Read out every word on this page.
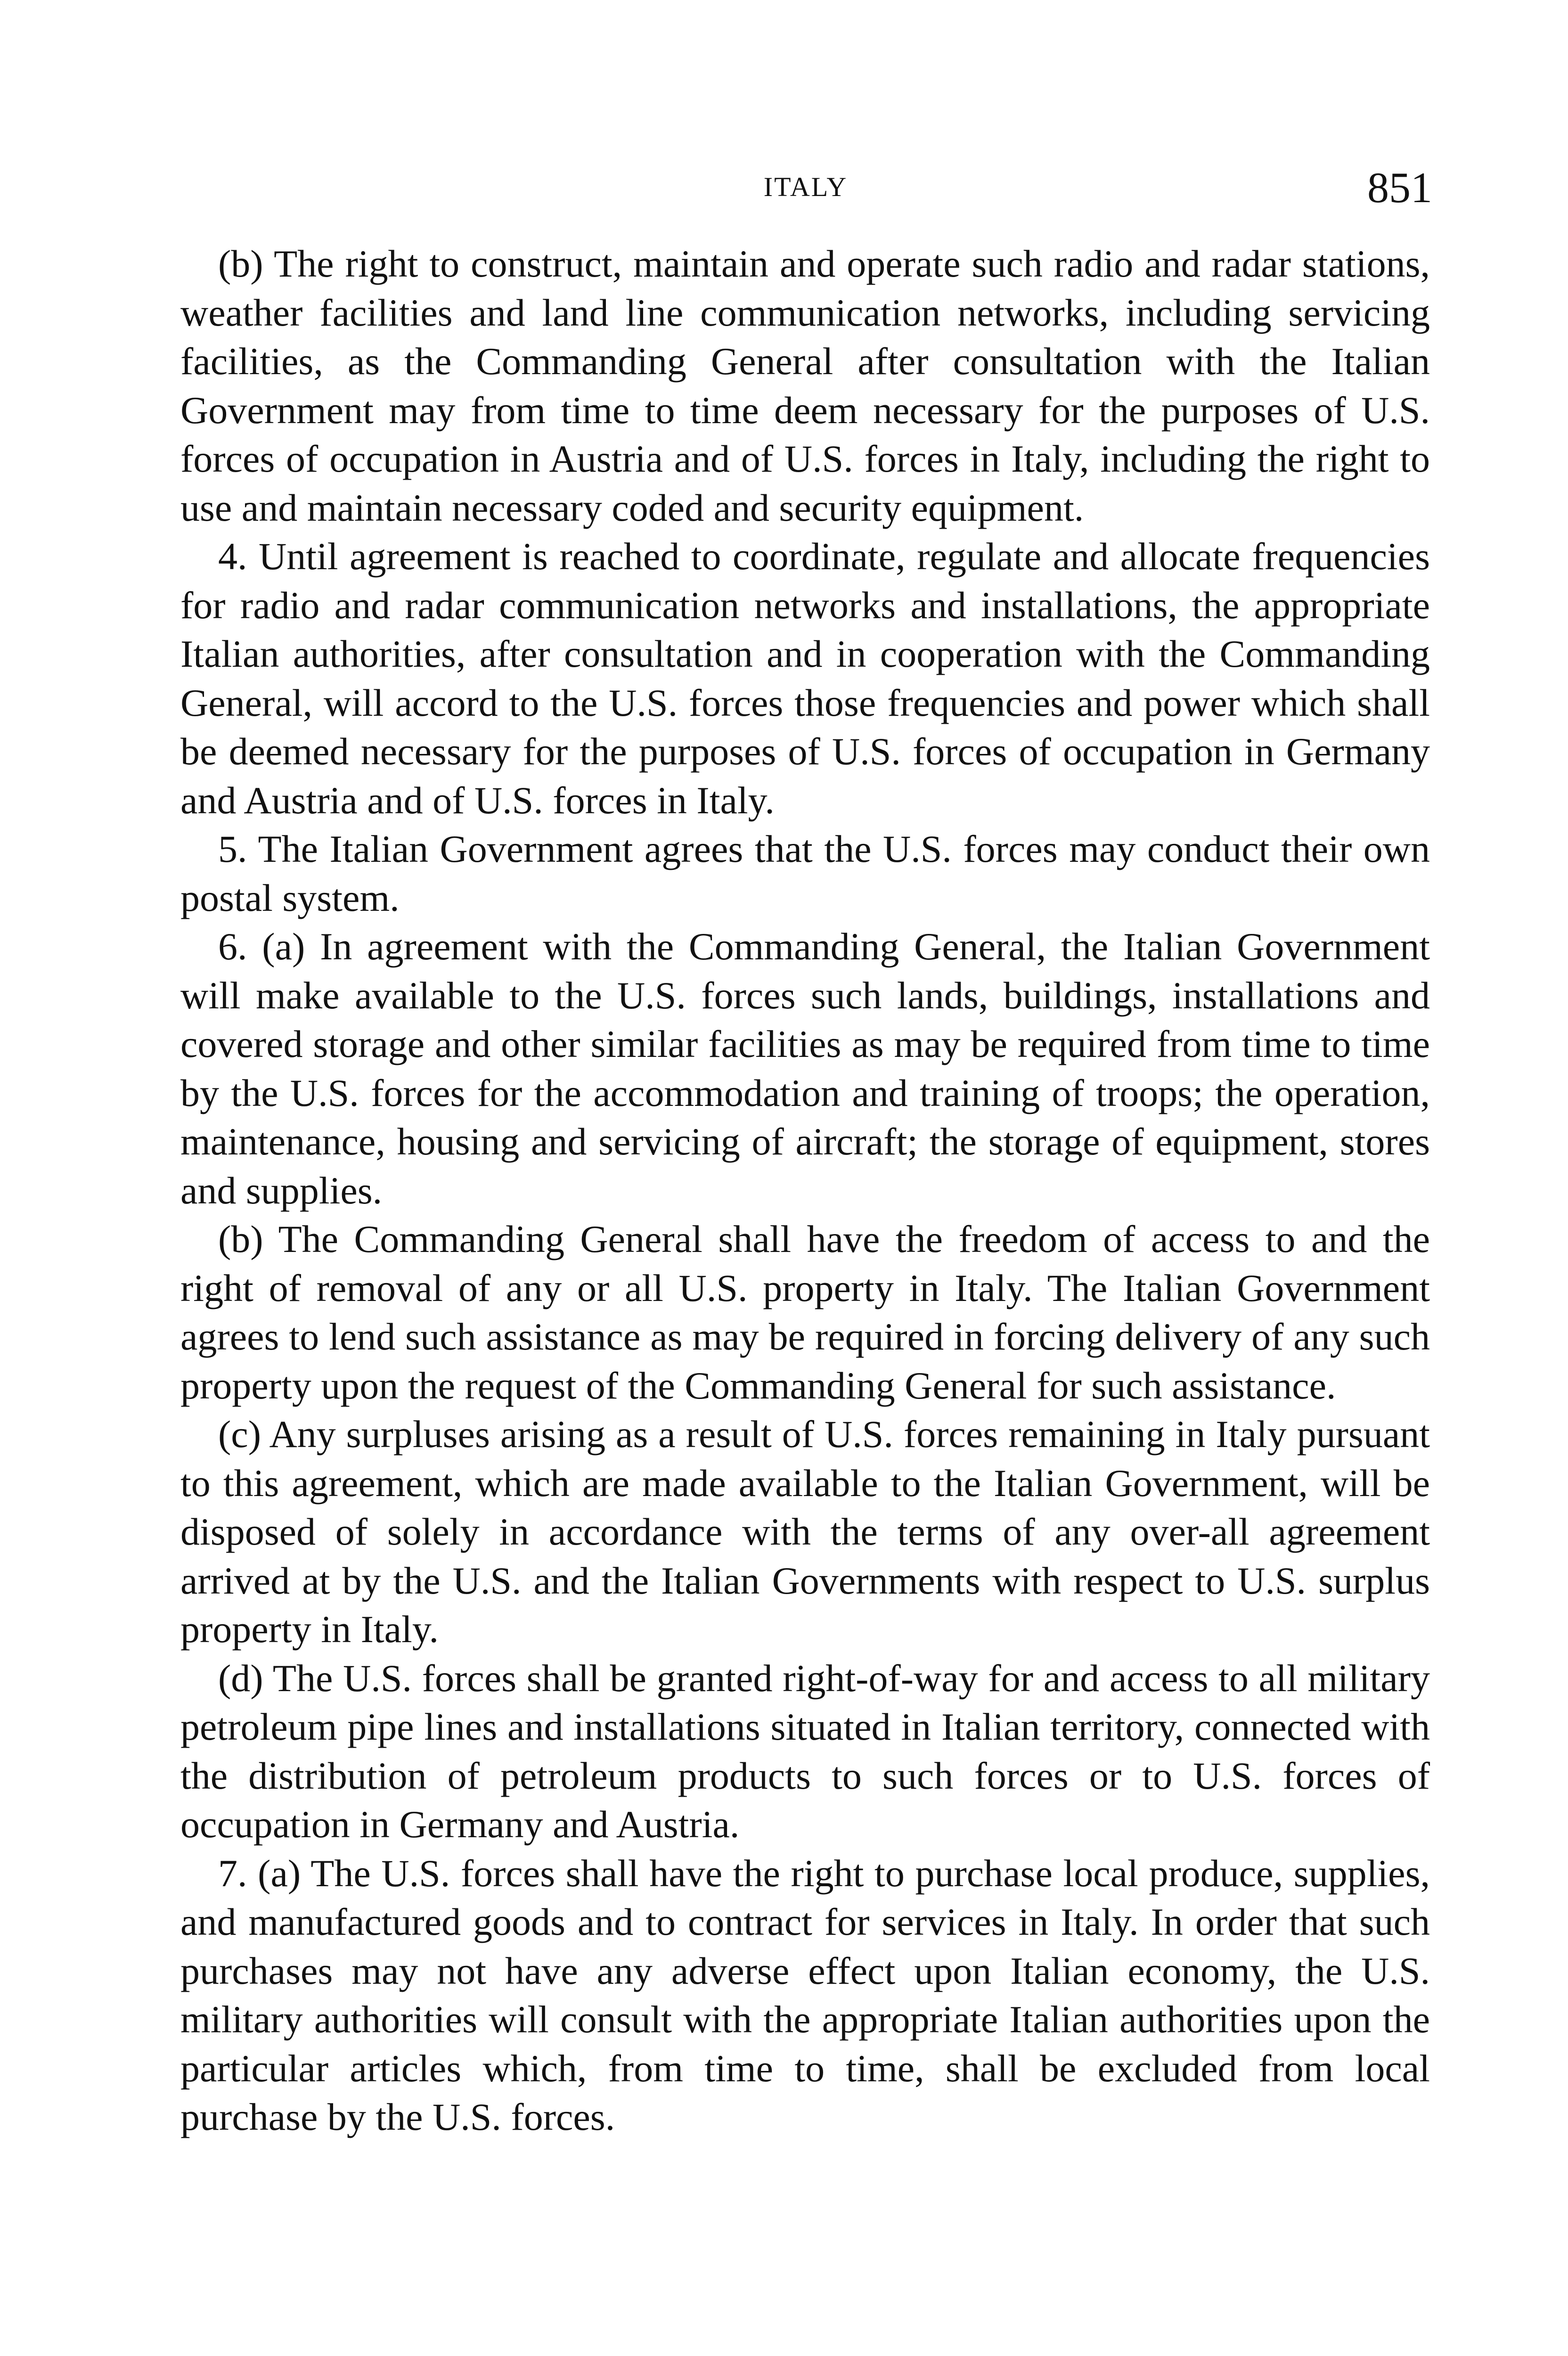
ITALY	851

(b) The right to construct, maintain and operate such radio and radar stations, weather facilities and land line communication networks, including servicing facilities, as the Commanding General after consultation with the Italian Government may from time to time deem necessary for the purposes of U.S. forces of occupation in Austria and of U.S. forces in Italy, including the right to use and maintain necessary coded and security equipment.

4. Until agreement is reached to coordinate, regulate and allocate frequencies for radio and radar communication networks and installations, the appropriate Italian authorities, after consultation and in cooperation with the Commanding General, will accord to the U.S. forces those frequencies and power which shall be deemed necessary for the purposes of U.S. forces of occupation in Germany and Austria and of U.S. forces in Italy.

5. The Italian Government agrees that the U.S. forces may conduct their own postal system.

6. (a) In agreement with the Commanding General, the Italian Government will make available to the U.S. forces such lands, buildings, installations and covered storage and other similar facilities as may be required from time to time by the U.S. forces for the accommodation and training of troops; the operation, maintenance, housing and servicing of aircraft; the storage of equipment, stores and supplies.

(b) The Commanding General shall have the freedom of access to and the right of removal of any or all U.S. property in Italy. The Italian Government agrees to lend such assistance as may be required in forcing delivery of any such property upon the request of the Commanding General for such assistance.

(c) Any surpluses arising as a result of U.S. forces remaining in Italy pursuant to this agreement, which are made available to the Italian Government, will be disposed of solely in accordance with the terms of any over-all agreement arrived at by the U.S. and the Italian Governments with respect to U.S. surplus property in Italy.

(d) The U.S. forces shall be granted right-of-way for and access to all military petroleum pipe lines and installations situated in Italian territory, connected with the distribution of petroleum products to such forces or to U.S. forces of occupation in Germany and Austria.

7. (a) The U.S. forces shall have the right to purchase local produce, supplies, and manufactured goods and to contract for services in Italy. In order that such purchases may not have any adverse effect upon Italian economy, the U.S. military authorities will consult with the appropriate Italian authorities upon the particular articles which, from time to time, shall be excluded from local purchase by the U.S. forces.
